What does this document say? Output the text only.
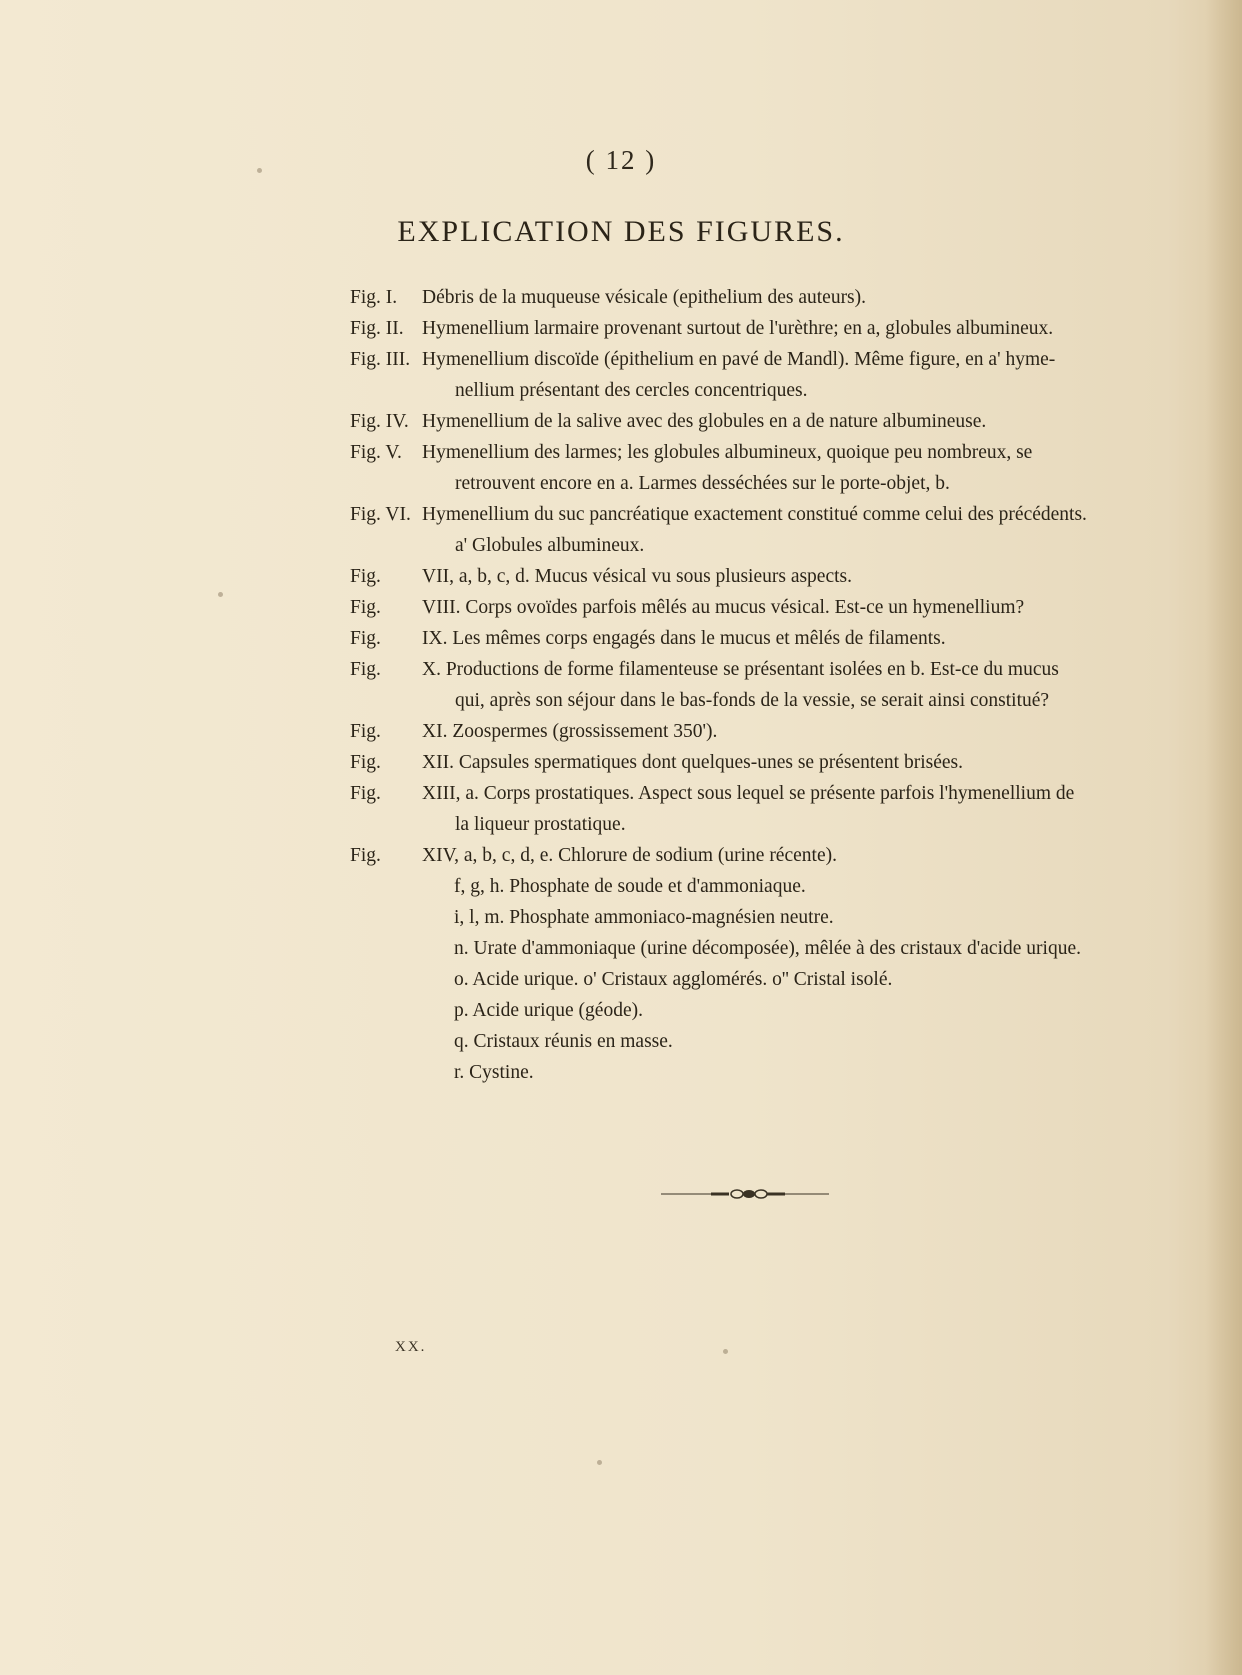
( 12 )
EXPLICATION DES FIGURES.
Fig. I. Débris de la muqueuse vésicale (epithelium des auteurs).
Fig. II. Hymenellium larmaire provenant surtout de l'urèthre; en a, globules albumineux.
Fig. III. Hymenellium discoïde (épithelium en pavé de Mandl). Même figure, en a' hyme-
nellium présentant des cercles concentriques.
Fig. IV. Hymenellium de la salive avec des globules en a de nature albumineuse.
Fig. V. Hymenellium des larmes; les globules albumineux, quoique peu nombreux, se
retrouvent encore en a. Larmes desséchées sur le porte-objet, b.
Fig. VI. Hymenellium du suc pancréatique exactement constitué comme celui des précédents.
a' Globules albumineux.
Fig. VII, a, b, c, d. Mucus vésical vu sous plusieurs aspects.
Fig. VIII. Corps ovoïdes parfois mêlés au mucus vésical. Est-ce un hymenellium?
Fig. IX. Les mêmes corps engagés dans le mucus et mêlés de filaments.
Fig. X. Productions de forme filamenteuse se présentant isolées en b. Est-ce du mucus
qui, après son séjour dans le bas-fonds de la vessie, se serait ainsi constitué?
Fig. XI. Zoospermes (grossissement 350').
Fig. XII. Capsules spermatiques dont quelques-unes se présentent brisées.
Fig. XIII, a. Corps prostatiques. Aspect sous lequel se présente parfois l'hymenellium de
la liqueur prostatique.
Fig. XIV, a, b, c, d, e. Chlorure de sodium (urine récente).
f, g, h. Phosphate de soude et d'ammoniaque.
i, l, m. Phosphate ammoniaco-magnésien neutre.
n. Urate d'ammoniaque (urine décomposée), mêlée à des cristaux d'acide urique.
o. Acide urique. o' Cristaux agglomérés. o'' Cristal isolé.
p. Acide urique (géode).
q. Cristaux réunis en masse.
r. Cystine.
XX.
